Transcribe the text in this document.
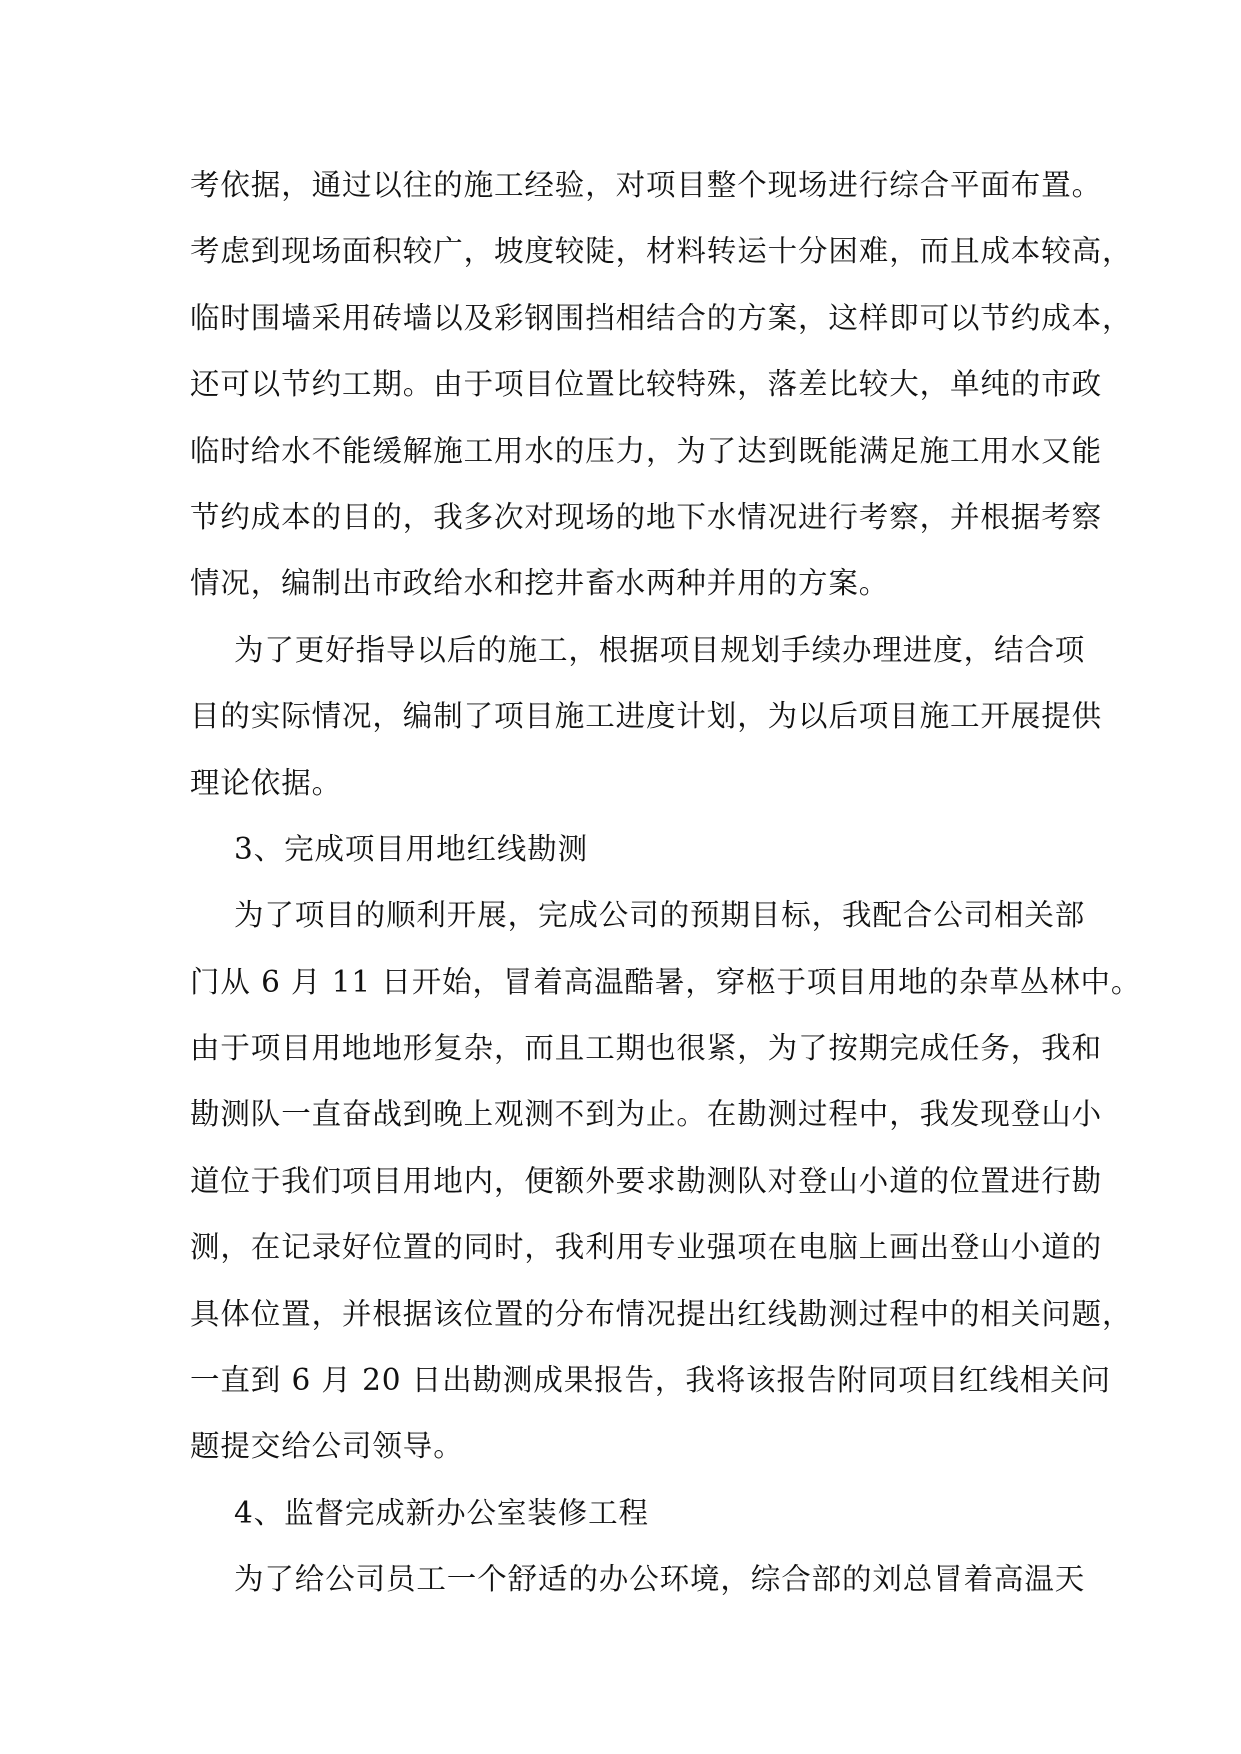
考依据，通过以往的施工经验，对项目整个现场进行综合平面布置。
考虑到现场面积较广，坡度较陡，材料转运十分困难，而且成本较高，
临时围墙采用砖墙以及彩钢围挡相结合的方案，这样即可以节约成本，
还可以节约工期。由于项目位置比较特殊，落差比较大，单纯的市政
临时给水不能缓解施工用水的压力，为了达到既能满足施工用水又能
节约成本的目的，我多次对现场的地下水情况进行考察，并根据考察
情况，编制出市政给水和挖井畜水两种并用的方案。
为了更好指导以后的施工，根据项目规划手续办理进度，结合项
目的实际情况，编制了项目施工进度计划，为以后项目施工开展提供
理论依据。
3、完成项目用地红线勘测
为了项目的顺利开展，完成公司的预期目标，我配合公司相关部
门从 6 月 11 日开始，冒着高温酷暑，穿柩于项目用地的杂草丛林中。
由于项目用地地形复杂，而且工期也很紧，为了按期完成任务，我和
勘测队一直奋战到晚上观测不到为止。在勘测过程中，我发现登山小
道位于我们项目用地内，便额外要求勘测队对登山小道的位置进行勘
测，在记录好位置的同时，我利用专业强项在电脑上画出登山小道的
具体位置，并根据该位置的分布情况提出红线勘测过程中的相关问题，
一直到 6 月 20 日出勘测成果报告，我将该报告附同项目红线相关问
题提交给公司领导。
4、监督完成新办公室装修工程
为了给公司员工一个舒适的办公环境，综合部的刘总冒着高温天
